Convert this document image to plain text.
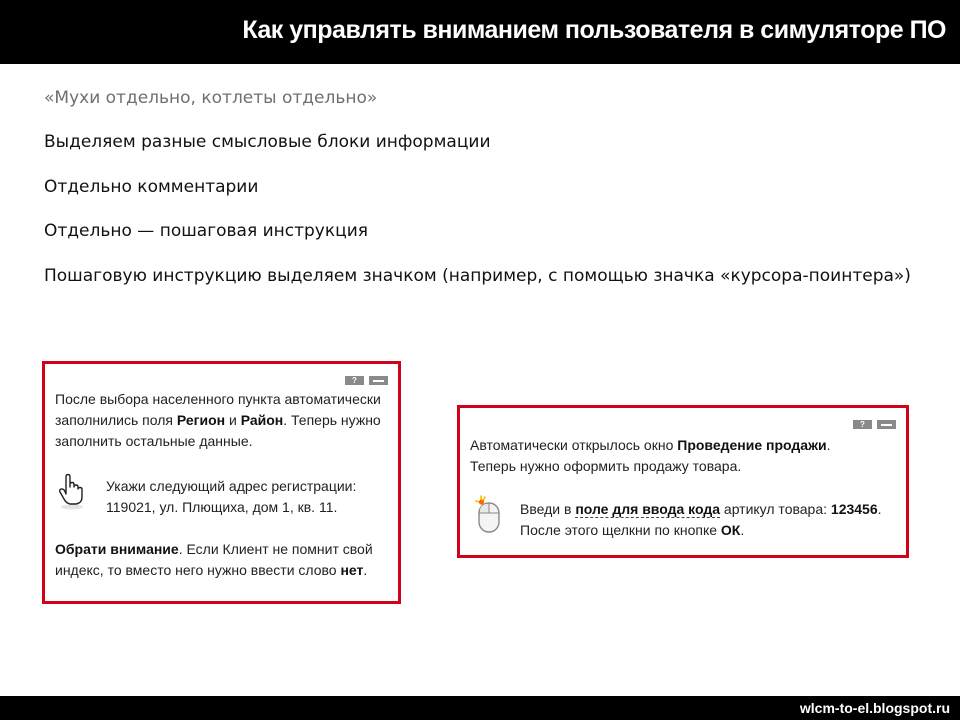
Как управлять вниманием пользователя в симуляторе ПО
«Мухи отдельно, котлеты отдельно»
Выделяем разные смысловые блоки информации
Отдельно комментарии
Отдельно — пошаговая инструкция
Пошаговую инструкцию выделяем значком (например, с помощью значка «курсора-поинтера»)
?

После выбора населенного пункта автоматически

заполнились поля Регион и Район. Теперь нужно

заполнить остальные данные.

Укажи следующий адрес регистрации:

119021, ул. Плющиха, дом 1, кв. 11.

Обрати внимание. Если Клиент не помнит свой

индекс, то вместо него нужно ввести слово нет.

?

Автоматически открылось окно Проведение продажи.

Теперь нужно оформить продажу товара.

Введи в поле для ввода кода артикул товара: 123456.

После этого щелкни по кнопке ОК.

wlcm-to-el.blogspot.ru
